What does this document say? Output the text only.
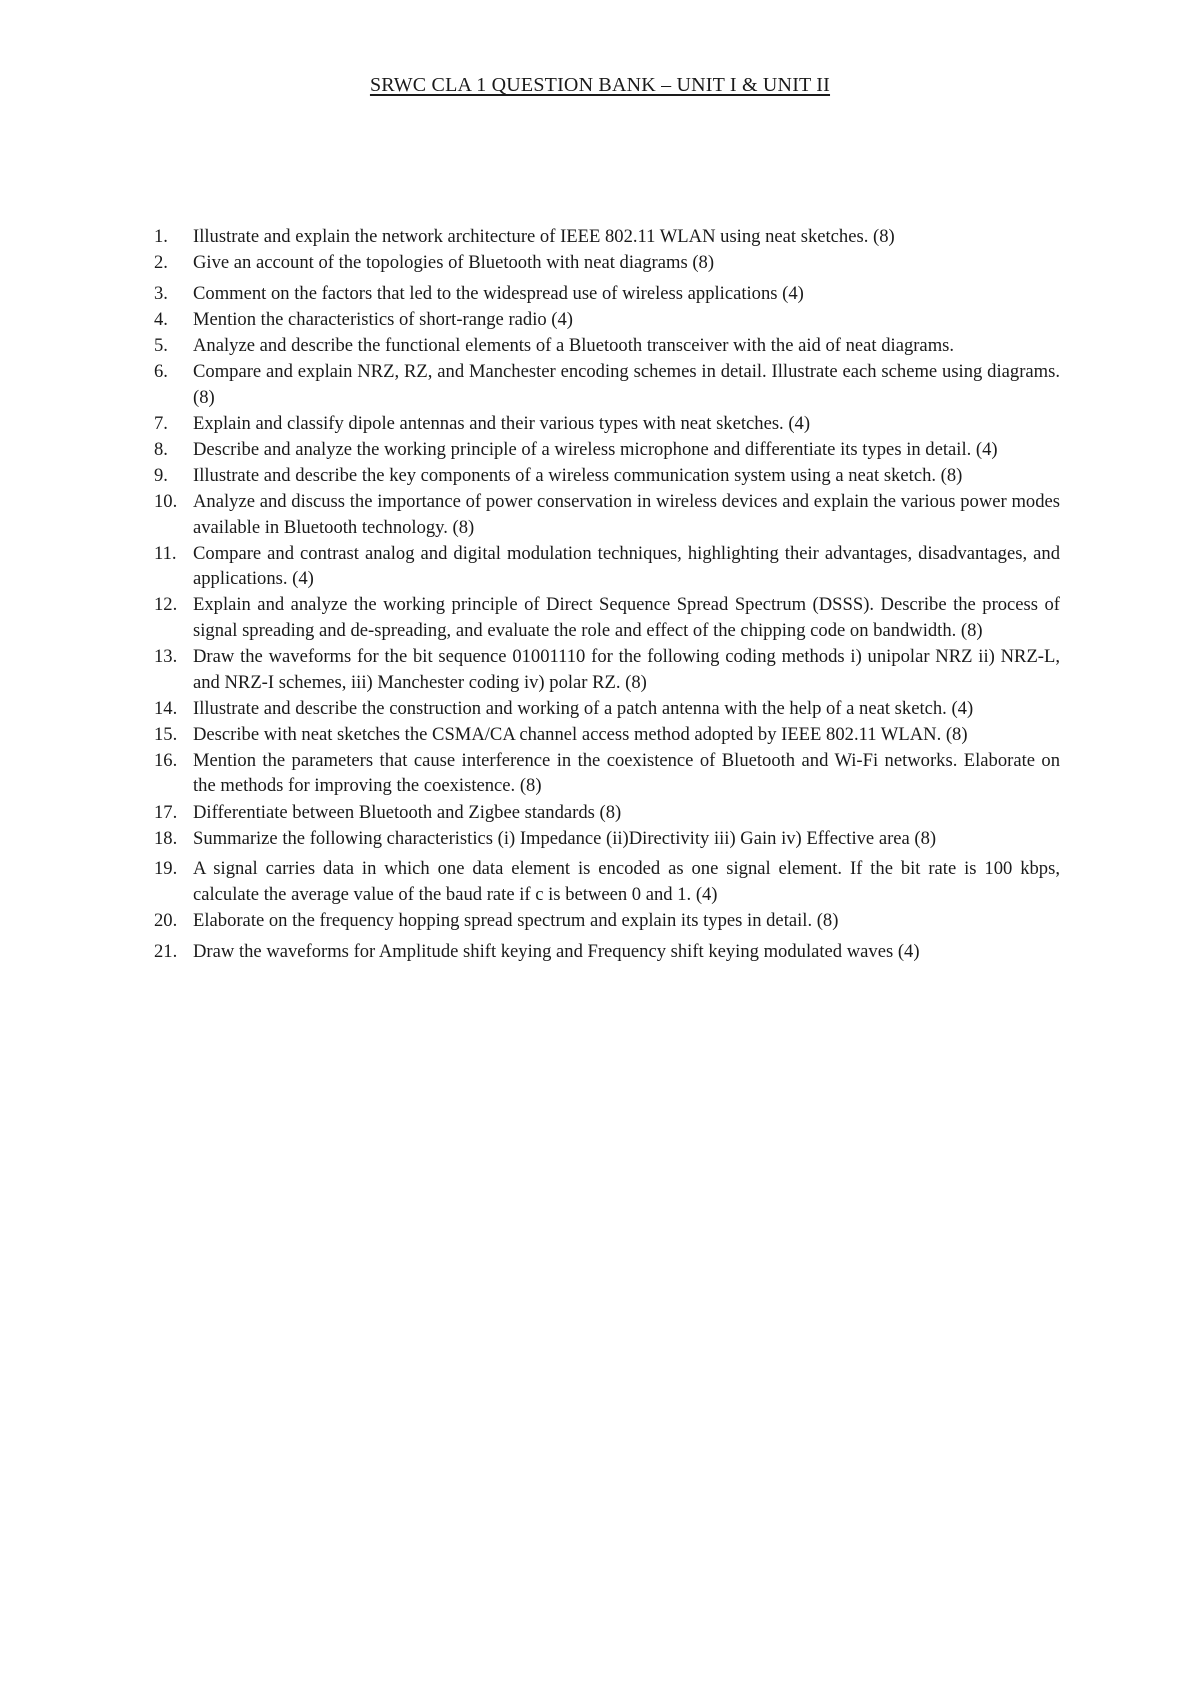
SRWC CLA 1 QUESTION BANK – UNIT I & UNIT II
1.	Illustrate and explain the network architecture of IEEE 802.11 WLAN using neat sketches. (8)
2.	Give an account of the topologies of Bluetooth with neat diagrams (8)
3.	Comment on the factors that led to the widespread use of wireless applications (4)
4.	Mention the characteristics of short-range radio (4)
5.	Analyze and describe the functional elements of a Bluetooth transceiver with the aid of neat diagrams.
6.	Compare and explain NRZ, RZ, and Manchester encoding schemes in detail. Illustrate each scheme using diagrams. (8)
7.	Explain and classify dipole antennas and their various types with neat sketches. (4)
8.	Describe and analyze the working principle of a wireless microphone and differentiate its types in detail. (4)
9.	Illustrate and describe the key components of a wireless communication system using a neat sketch. (8)
10. Analyze and discuss the importance of power conservation in wireless devices and explain the various power modes available in Bluetooth technology. (8)
11. Compare and contrast analog and digital modulation techniques, highlighting their advantages, disadvantages, and applications. (4)
12. Explain and analyze the working principle of Direct Sequence Spread Spectrum (DSSS). Describe the process of signal spreading and de-spreading, and evaluate the role and effect of the chipping code on bandwidth. (8)
13. Draw the waveforms for the bit sequence 01001110 for the following coding methods i) unipolar NRZ ii) NRZ-L, and NRZ-I schemes, iii) Manchester coding iv) polar RZ. (8)
14. Illustrate and describe the construction and working of a patch antenna with the help of a neat sketch. (4)
15. Describe with neat sketches the CSMA/CA channel access method adopted by IEEE 802.11 WLAN. (8)
16. Mention the parameters that cause interference in the coexistence of Bluetooth and Wi-Fi networks. Elaborate on the methods for improving the coexistence. (8)
17. Differentiate between Bluetooth and Zigbee standards (8)
18. Summarize the following characteristics (i) Impedance (ii)Directivity iii) Gain iv) Effective area (8)
19. A signal carries data in which one data element is encoded as one signal element. If the bit rate is 100 kbps, calculate the average value of the baud rate if c is between 0 and 1. (4)
20. Elaborate on the frequency hopping spread spectrum and explain its types in detail. (8)
21. Draw the waveforms for Amplitude shift keying and Frequency shift keying modulated waves (4)
